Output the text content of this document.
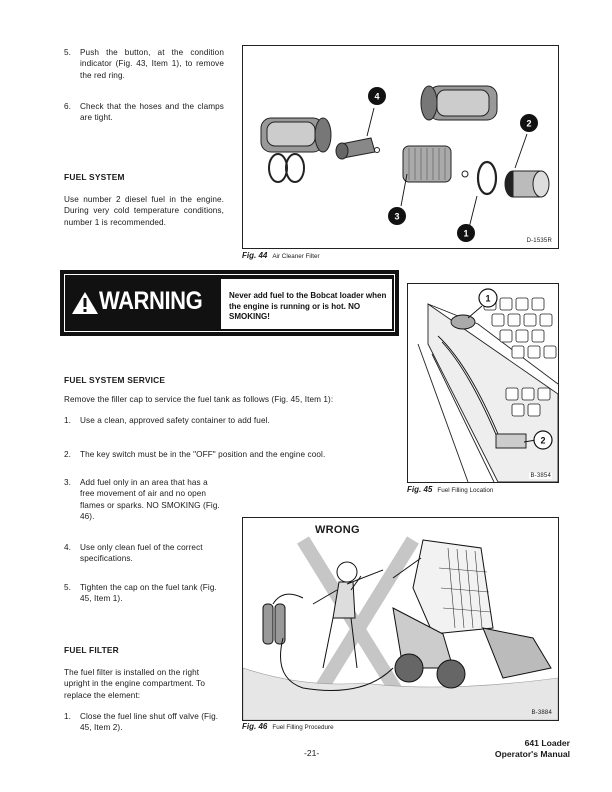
5. Push the button, at the condition indicator (Fig. 43, Item 1), to remove the red ring.
6. Check that the hoses and the clamps are tight.
FUEL SYSTEM
Use number 2 diesel fuel in the engine. During very cold temperature conditions, number 1 is recommended.
4
2
3
1
D-1535R
Fig. 44 Air Cleaner Filter
WARNING	Never add fuel to the Bobcat loader when the engine is running or is hot. NO SMOKING!
1
2
B-3854
Fig. 45 Fuel Filling Location
FUEL SYSTEM SERVICE
Remove the filler cap to service the fuel tank as follows (Fig. 45, Item 1):
1. Use a clean, approved safety container to add fuel.
2. The key switch must be in the "OFF" position and the engine cool.
3. Add fuel only in an area that has a free movement of air and no open flames or sparks. NO SMOKING (Fig. 46).
4. Use only clean fuel of the correct specifications.
5. Tighten the cap on the fuel tank (Fig. 45, Item 1).
FUEL FILTER
The fuel filter is installed on the right upright in the engine compartment. To replace the element:
1. Close the fuel line shut off valve (Fig. 45, Item 2).
WRONG
B-3884
Fig. 46 Fuel Filling Procedure
-21-
641 Loader
Operator's Manual
